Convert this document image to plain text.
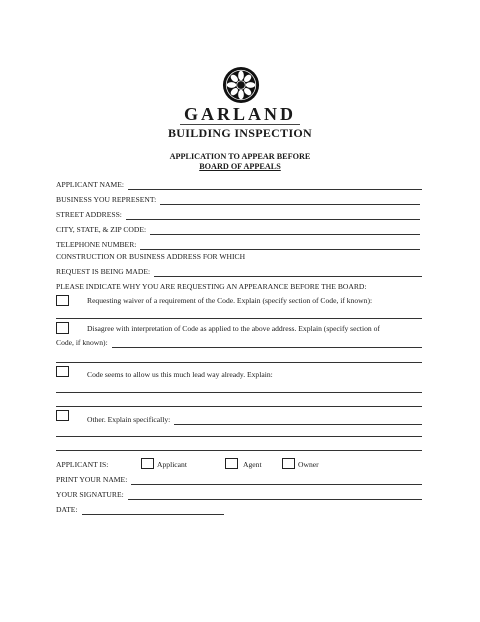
GARLAND
BUILDING INSPECTION
APPLICATION TO APPEAR BEFORE
BOARD OF APPEALS
APPLICANT NAME:
BUSINESS YOU REPRESENT:
STREET ADDRESS:
CITY, STATE, & ZIP CODE:
TELEPHONE NUMBER:
CONSTRUCTION OR BUSINESS ADDRESS FOR WHICH
REQUEST IS BEING MADE:
PLEASE INDICATE WHY YOU ARE REQUESTING AN APPEARANCE BEFORE THE BOARD:
Requesting waiver of a requirement of the Code. Explain (specify section of Code, if known):
Disagree with interpretation of Code as applied to the above address. Explain (specify section of
Code, if known):
Code seems to allow us this much lead way already. Explain:
Other. Explain specifically:
APPLICANT IS:	Applicant	Agent	Owner
PRINT YOUR NAME:
YOUR SIGNATURE:
DATE:
